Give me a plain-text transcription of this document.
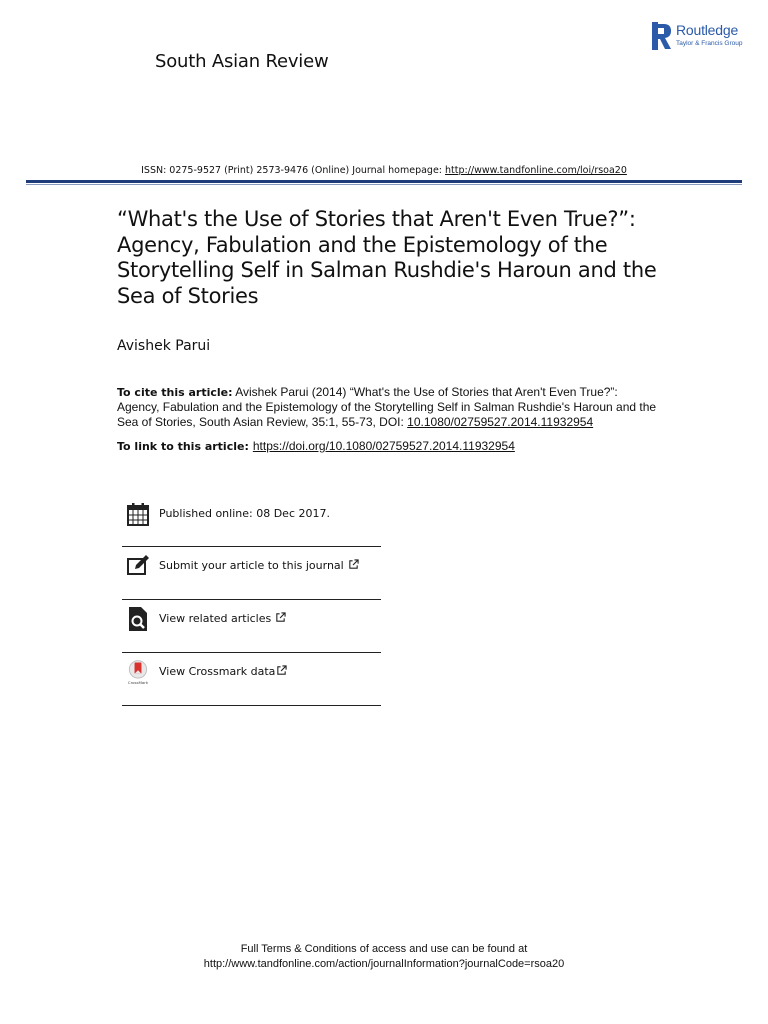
South Asian Review
Routledge
Taylor & Francis Group
ISSN: 0275-9527 (Print) 2573-9476 (Online) Journal homepage: http://www.tandfonline.com/loi/rsoa20
“What's the Use of Stories that Aren't Even True?”: Agency, Fabulation and the Epistemology of the Storytelling Self in Salman Rushdie's Haroun and the Sea of Stories
Avishek Parui
To cite this article: Avishek Parui (2014) “What's the Use of Stories that Aren't Even True?”: Agency, Fabulation and the Epistemology of the Storytelling Self in Salman Rushdie's Haroun and the Sea of Stories, South Asian Review, 35:1, 55-73, DOI: 10.1080/02759527.2014.11932954
To link to this article: https://doi.org/10.1080/02759527.2014.11932954
Published online: 08 Dec 2017.
Submit your article to this journal
View related articles
CrossMark
View Crossmark data
Full Terms & Conditions of access and use can be found at
http://www.tandfonline.com/action/journalInformation?journalCode=rsoa20
